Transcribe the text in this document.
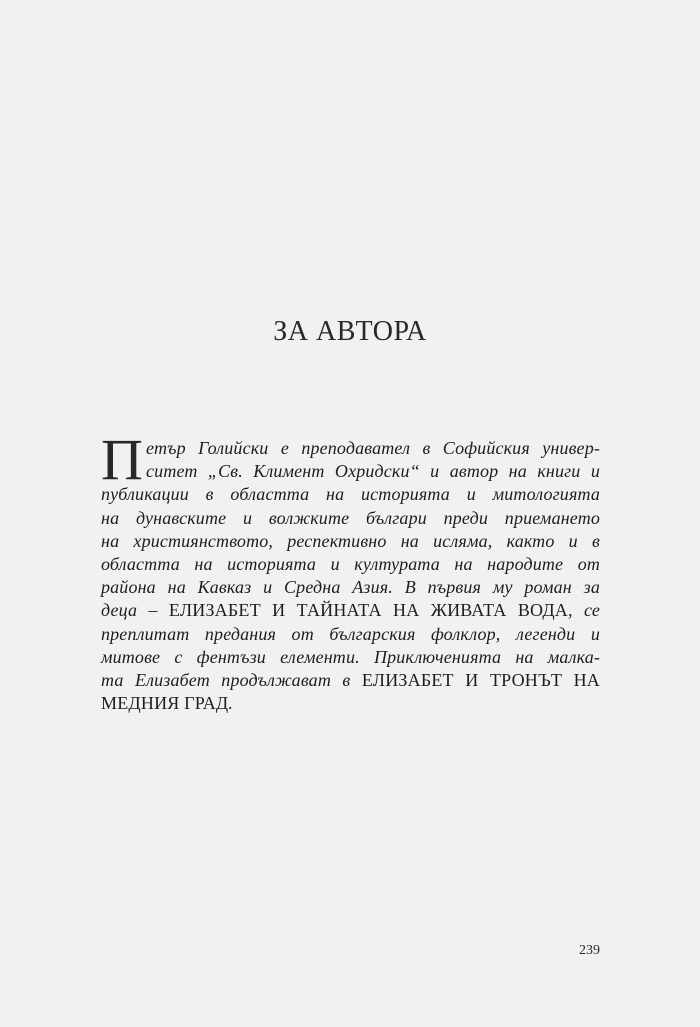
ЗА АВТОРА
П етър Голийски е преподавател в Софийския универ-
ситет „Св. Климент Охридски“ и автор на книги и
публикации в областта на историята и митологията
на дунавските и волжките българи преди приемането
на християнството, респективно на исляма, както и в
областта на историята и културата на народите от
района на Кавказ и Средна Азия. В първия му роман за
деца – ЕЛИЗАБЕТ И ТАЙНАТА НА ЖИВАТА ВОДА, се
преплитат предания от българския фолклор, легенди и
митове с фентъзи елементи. Приключенията на малка-
та Елизабет продължават в ЕЛИЗАБЕТ И ТРОНЪТ НА
МЕДНИЯ ГРАД.
239
